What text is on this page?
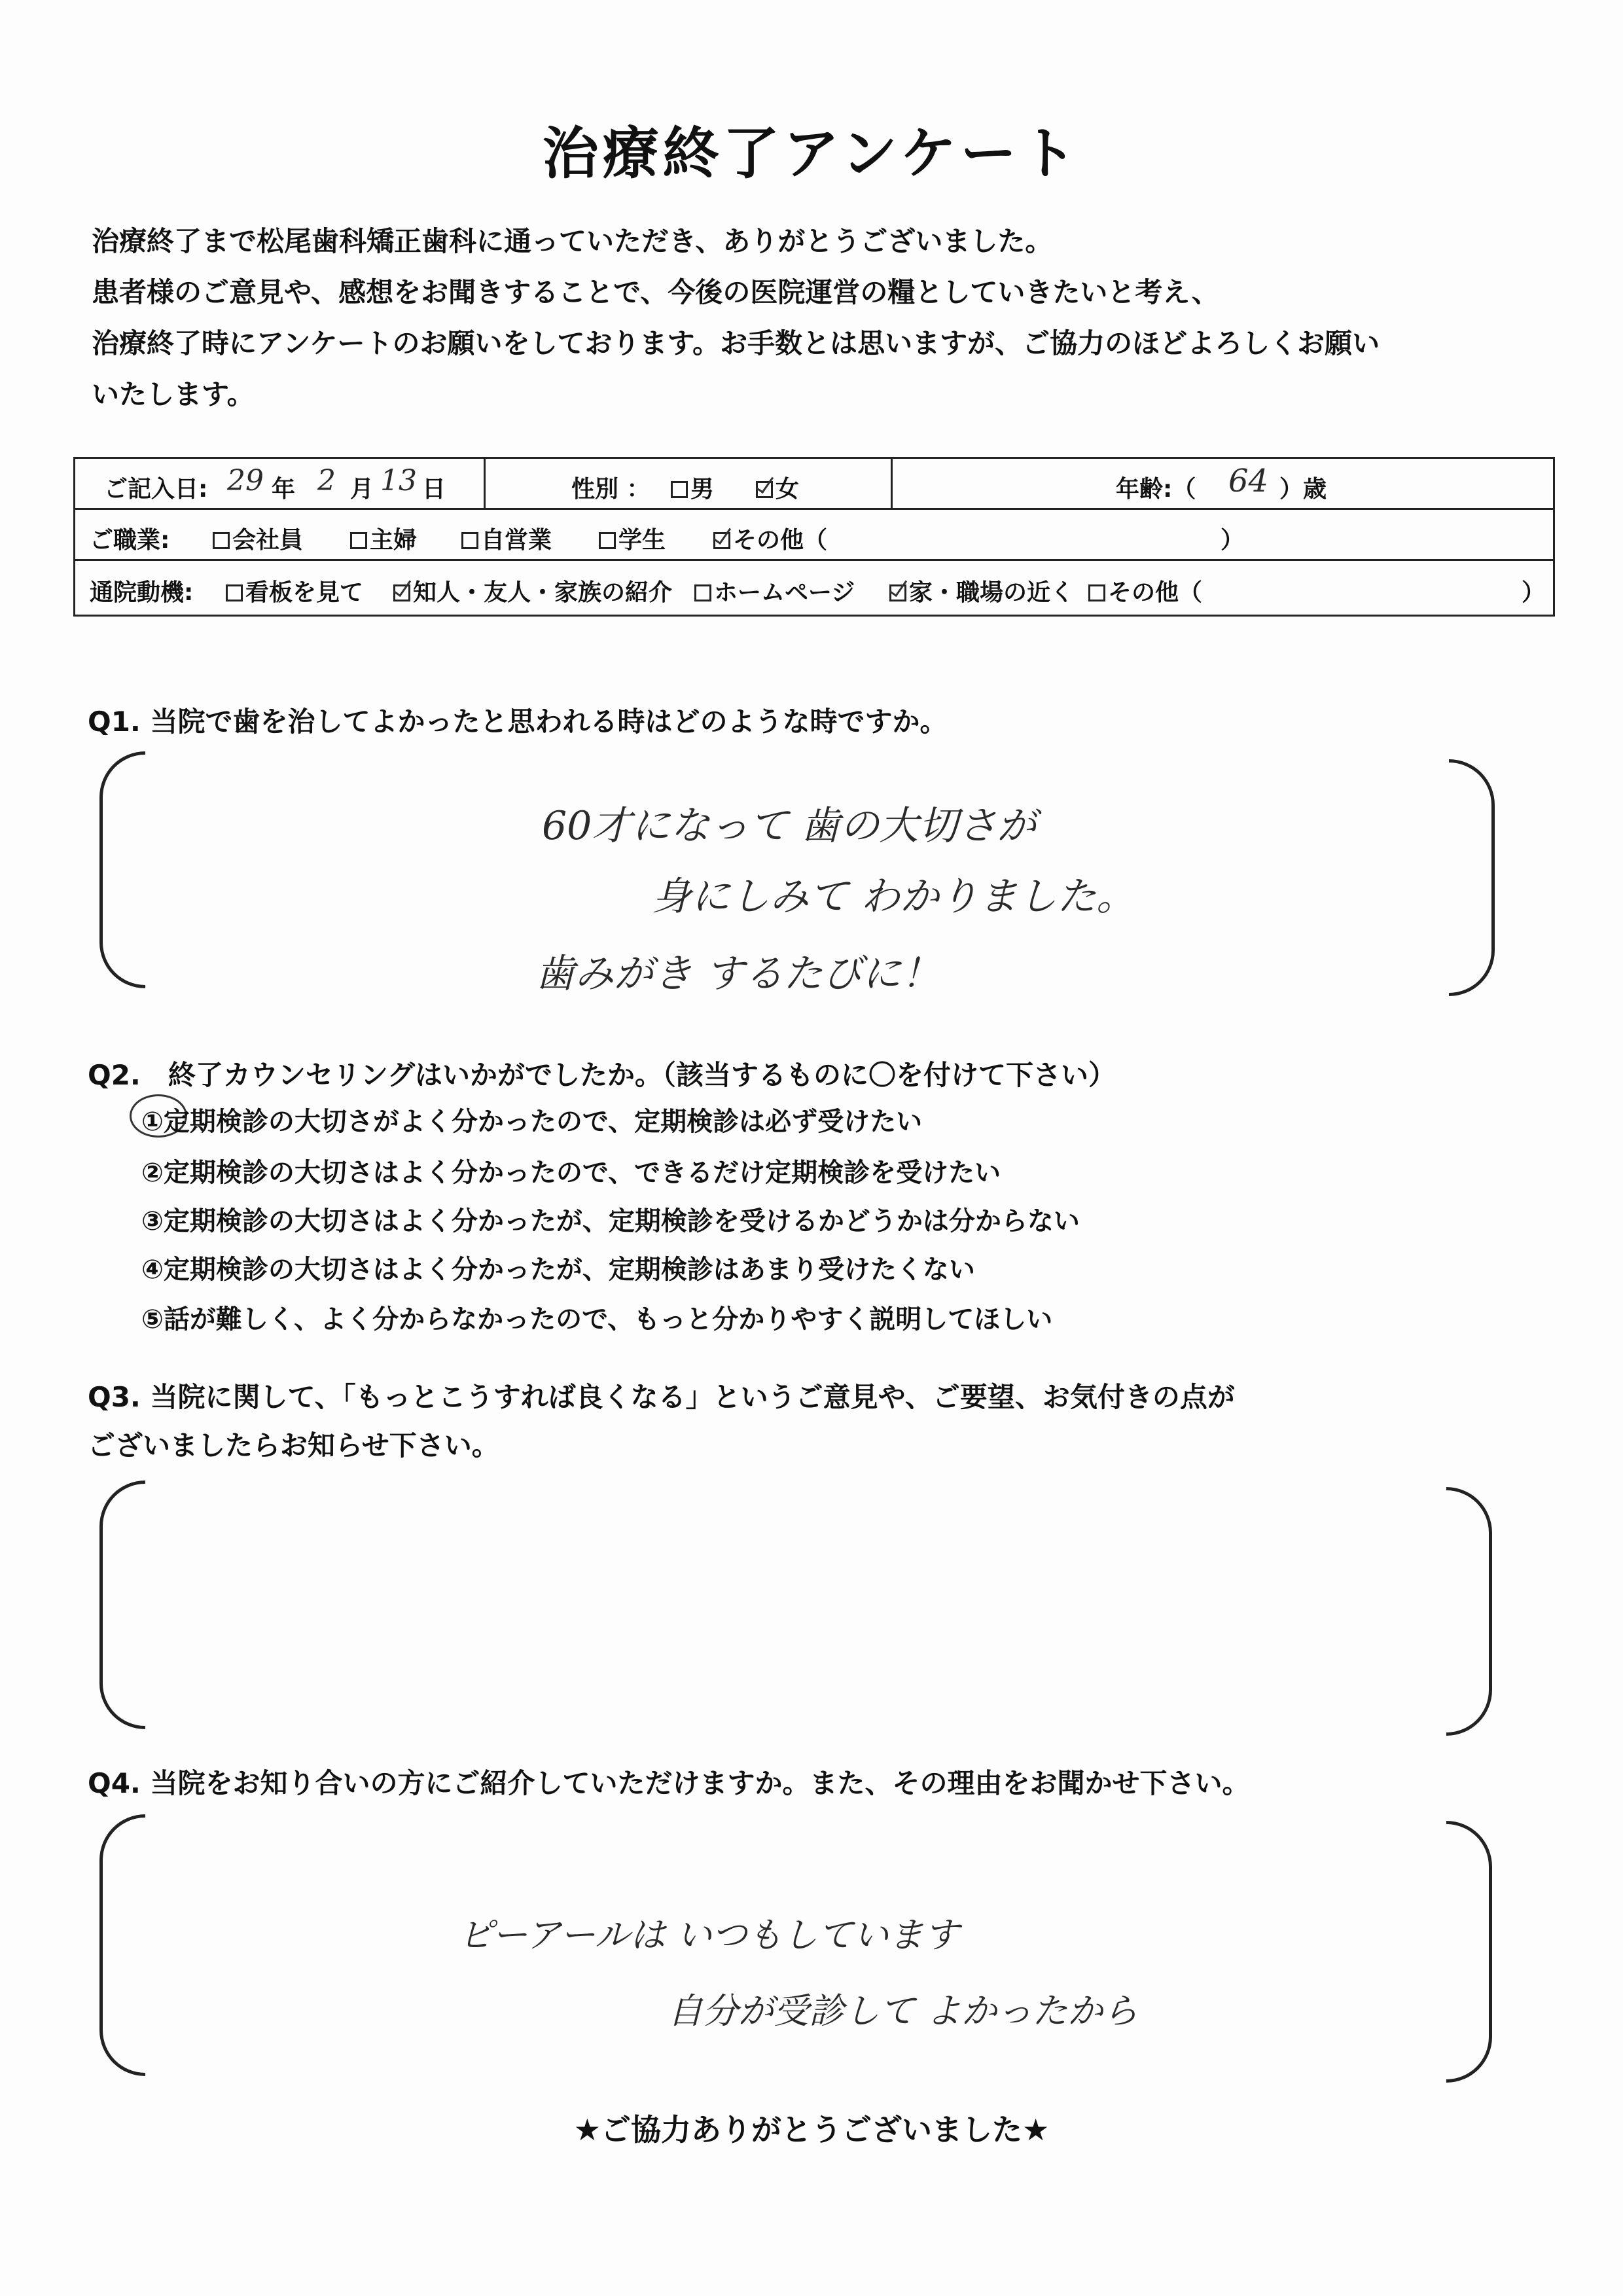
治療終了アンケート
治療終了まで松尾歯科矯正歯科に通っていただき、ありがとうございました。
患者様のご意見や、感想をお聞きすることで、今後の医院運営の糧としていきたいと考え、
治療終了時にアンケートのお願いをしております。お手数とは思いますが、ご協力のほどよろしくお願い
いたします。
ご記入日: 29 年 2 月 13 日	性別 ：	男	女	年齢:（ 64 ）歳
ご職業:	会社員	主婦	自営業	学生	その他（	）
通院動機:	看板を見て	知人・友人・家族の紹介	ホームページ	家・職場の近く	その他（	）
Q1. 当院で歯を治してよかったと思われる時はどのような時ですか。
60才になって 歯の大切さが
身にしみて わかりました。
歯みがき するたびに！
Q2.　終了カウンセリングはいかがでしたか。（該当するものに〇を付けて下さい）
①定期検診の大切さがよく分かったので、定期検診は必ず受けたい
②定期検診の大切さはよく分かったので、できるだけ定期検診を受けたい
③定期検診の大切さはよく分かったが、定期検診を受けるかどうかは分からない
④定期検診の大切さはよく分かったが、定期検診はあまり受けたくない
⑤話が難しく、よく分からなかったので、もっと分かりやすく説明してほしい
Q3. 当院に関して、「もっとこうすれば良くなる」というご意見や、ご要望、お気付きの点が
ございましたらお知らせ下さい。
Q4. 当院をお知り合いの方にご紹介していただけますか。また、その理由をお聞かせ下さい。
ピーアールは いつもしています
自分が受診して よかったから
★ご協力ありがとうございました★
